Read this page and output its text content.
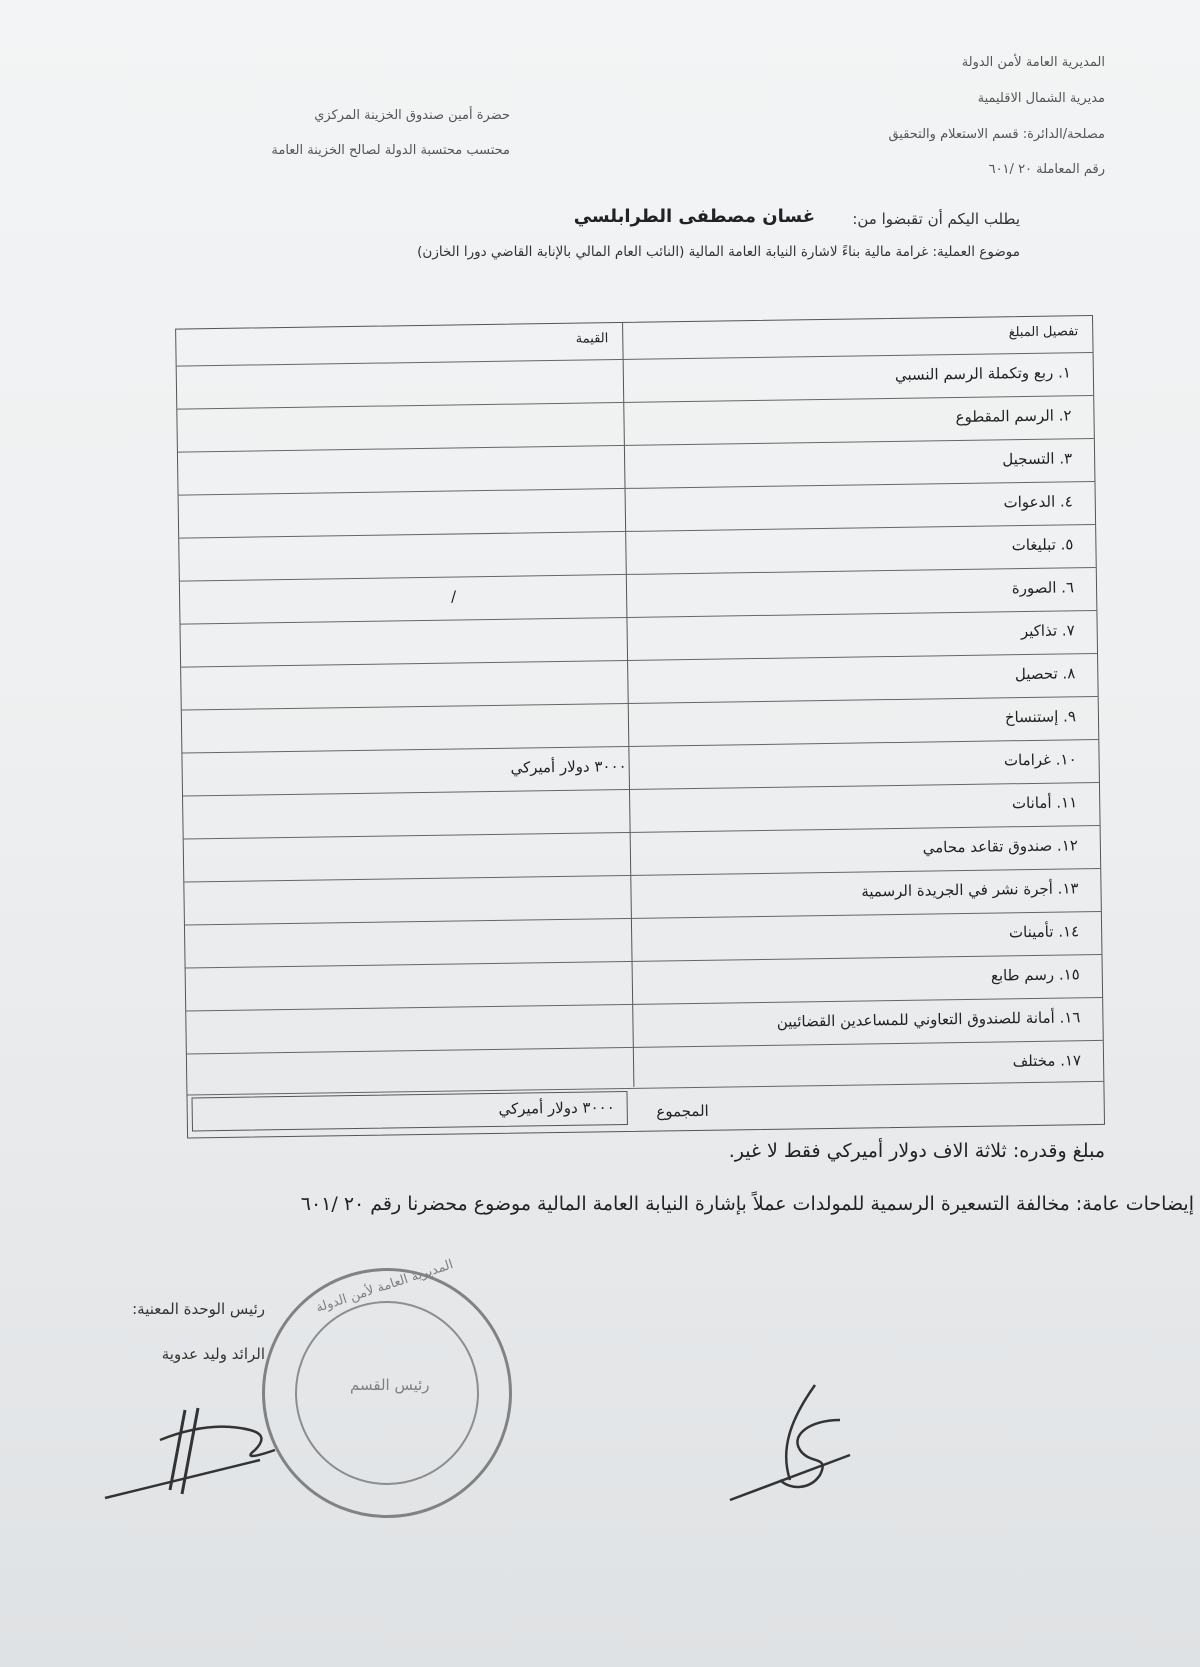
المديرية العامة لأمن الدولة
مديرية الشمال الاقليمية
مصلحة/الدائرة: قسم الاستعلام والتحقيق
رقم المعاملة ٢٠ /٦٠١
حضرة أمين صندوق الخزينة المركزي
محتسب محتسبة الدولة لصالح الخزينة العامة
يطلب اليكم أن تقبضوا من:
غسان مصطفى الطرابلسي
موضوع العملية: غرامة مالية بناءً لاشارة النيابة العامة المالية (النائب العام المالي بالإنابة القاضي دورا الخازن)
تفصيل المبلغ
القيمة
١. ربع وتكملة الرسم النسبي
٢. الرسم المقطوع
٣. التسجيل
٤. الدعوات
٥. تبليغات
٦. الصورة
/
٧. تذاكير
٨. تحصيل
٩. إستنساخ
١٠. غرامات
٣٠٠٠ دولار أميركي
١١. أمانات
١٢. صندوق تقاعد محامي
١٣. أجرة نشر في الجريدة الرسمية
١٤. تأمينات
١٥. رسم طابع
١٦. أمانة للصندوق التعاوني للمساعدين القضائيين
١٧. مختلف
المجموع
٣٠٠٠ دولار أميركي
مبلغ وقدره: ثلاثة الاف دولار أميركي فقط لا غير.
إيضاحات عامة: مخالفة التسعيرة الرسمية للمولدات عملاً بإشارة النيابة العامة المالية موضوع محضرنا رقم ٢٠ /٦٠١
رئيس الوحدة المعنية:
الرائد وليد عدوية
المديرية العامة لأمن الدولة
رئيس القسم
